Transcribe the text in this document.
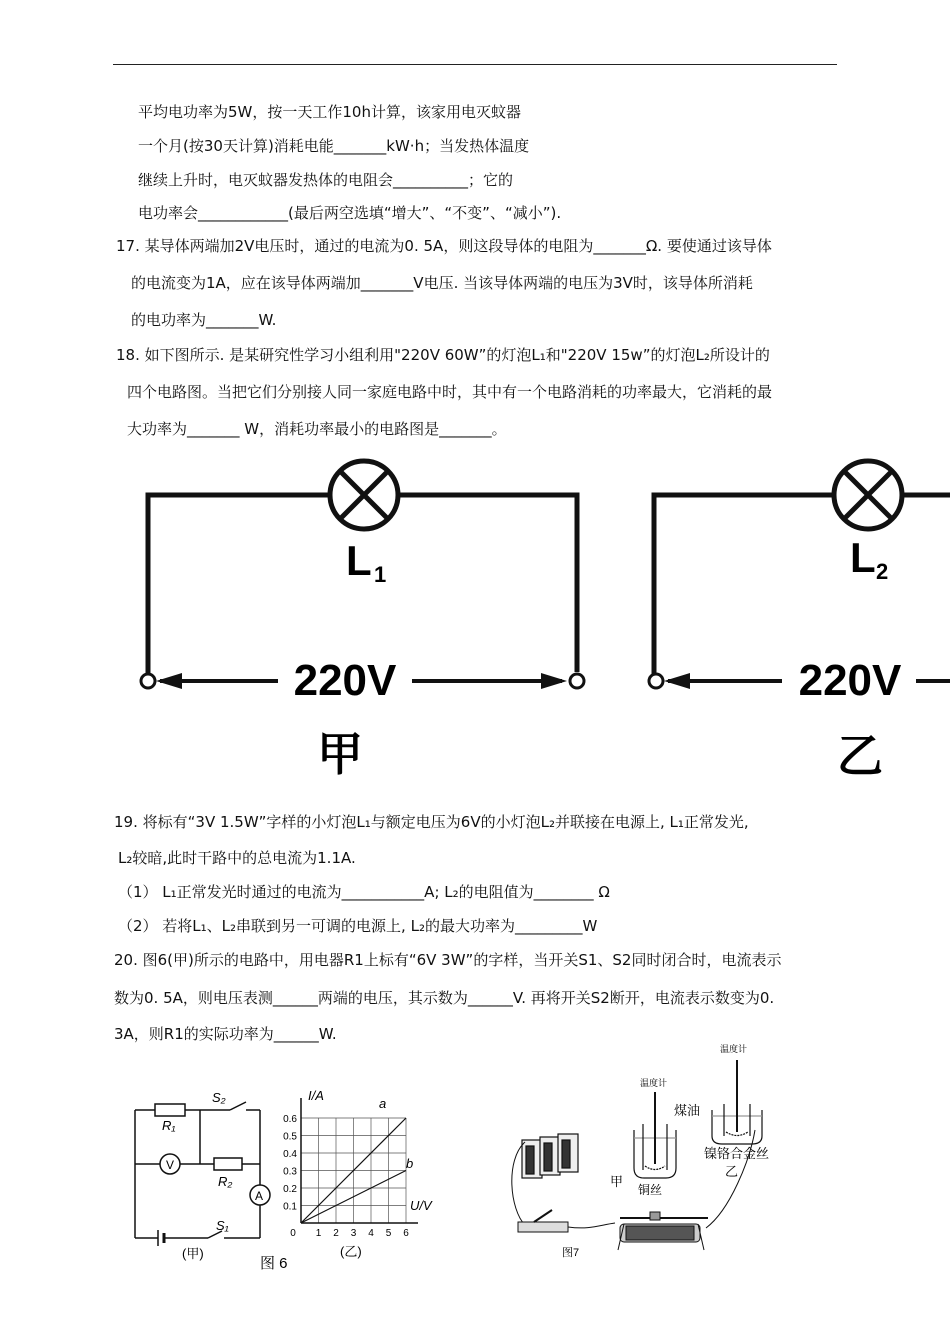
平均电功率为5W，按一天工作10h计算，该家用电灭蚊器
一个月(按30天计算)消耗电能_______kW·h；当发热体温度
继续上升时，电灭蚊器发热体的电阻会__________；它的
电功率会____________(最后两空选填“增大”、“不变”、“减小”).
17. 某导体两端加2V电压时，通过的电流为0. 5A，则这段导体的电阻为_______Ω. 要使通过该导体
的电流变为1A，应在该导体两端加_______V电压. 当该导体两端的电压为3V时，该导体所消耗
的电功率为_______W.
18. 如下图所示. 是某研究性学习小组利用"220V 60W”的灯泡L₁和"220V 15w”的灯泡L₂所设计的
四个电路图。当把它们分别接人同一家庭电路中时，其中有一个电路消耗的功率最大，它消耗的最
大功率为_______ W，消耗功率最小的电路图是_______。
L 1
220V
甲
L 2
220V
乙
19. 将标有“3V 1.5W”字样的小灯泡L₁与额定电压为6V的小灯泡L₂并联接在电源上, L₁正常发光,
L₂较暗,此时干路中的总电流为1.1A.
（1） L₁正常发光时通过的电流为___________A; L₂的电阻值为________ Ω
（2） 若将L₁、L₂串联到另一可调的电源上, L₂的最大功率为_________W
20. 图6(甲)所示的电路中，用电器R1上标有“6V 3W”的字样，当开关S1、S2同时闭合时，电流表示
数为0. 5A，则电压表测______两端的电压，其示数为______V. 再将开关S2断开，电流表示数变为0.
3A，则R1的实际功率为______W.
S₂
R₁
V
R₂
A
S₁
(甲)
图 6
(乙)
I/A
U/V
0.6
0.5
0.4
0.3
0.2
0.1
0 1 2 3 4 5 6
a
b
温度计
温度计
煤油
镍铬合金丝
铜丝
甲
乙
图7
